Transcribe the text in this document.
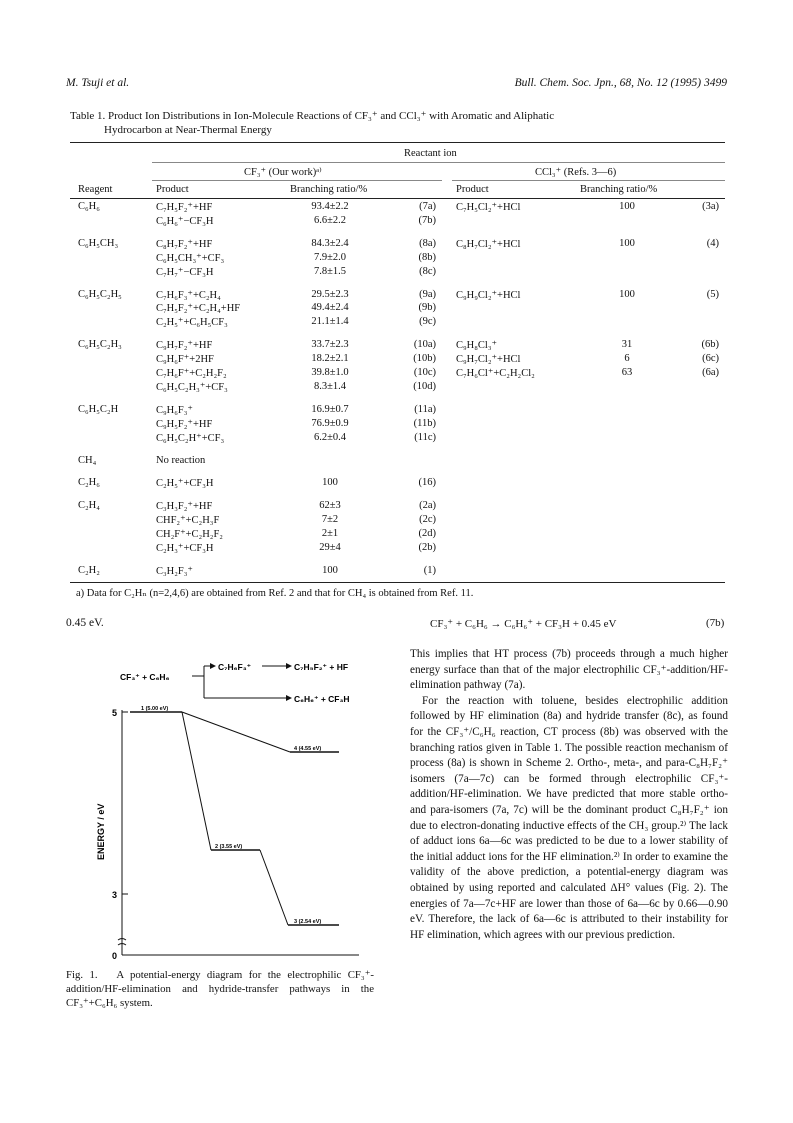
M. Tsuji et al.	Bull. Chem. Soc. Jpn., 68, No. 12 (1995) 3499
Table 1. Product Ion Distributions in Ion-Molecule Reactions of CF₃⁺ and CCl₃⁺ with Aromatic and Aliphatic
Hydrocarbon at Near-Thermal Energy
Reactant ion
CF₃⁺ (Our work)ᵃ⁾	CCl₃⁺ (Refs. 3—6)
Reagent	Product	Branching ratio/%	Product	Branching ratio/%
C₆H₆	C₇H₅F₂⁺+HF	93.4±2.2	(7a) C₇H₅Cl₂⁺+HCl	100	(3a)
C₆H₆⁺−CF₃H	6.6±2.2	(7b)
C₆H₅CH₃	C₈H₇F₂⁺+HF	84.3±2.4	(8a) C₈H₇Cl₂⁺+HCl	100	(4)
C₆H₅CH₃⁺+CF₃	7.9±2.0	(8b)
C₇H₇⁺−CF₃H	7.8±1.5	(8c)
C₆H₅C₂H₅	C₇H₆F₃⁺+C₂H₄	29.5±2.3	(9a) C₉H₉Cl₂⁺+HCl	100	(5)
C₇H₅F₂⁺+C₂H₄+HF	49.4±2.4	(9b)
C₂H₅⁺+C₆H₅CF₃	21.1±1.4	(9c)
C₆H₅C₂H₃	C₉H₇F₂⁺+HF	33.7±2.3	(10a) C₉H₈Cl₃⁺	31	(6b)
C₉H₆F⁺+2HF	18.2±2.1	(10b) C₉H₇Cl₂⁺+HCl	6	(6c)
C₇H₆F⁺+C₂H₂F₂	39.8±1.0	(10c) C₇H₆Cl⁺+C₂H₂Cl₂	63	(6a)
C₆H₅C₂H₃⁺+CF₃	8.3±1.4	(10d)
C₆H₅C₂H	C₉H₆F₃⁺	16.9±0.7	(11a)
C₉H₅F₂⁺+HF	76.9±0.9	(11b)
C₆H₅C₂H⁺+CF₃	6.2±0.4	(11c)
CH₄	No reaction
C₂H₆	C₂H₅⁺+CF₃H	100	(16)
C₂H₄	C₃H₃F₂⁺+HF	62±3	(2a)
CHF₂⁺+C₂H₃F	7±2	(2c)
CH₂F⁺+C₂H₂F₂	2±1	(2d)
C₂H₃⁺+CF₃H	29±4	(2b)
C₂H₂	C₃H₂F₃⁺	100	(1)
a) Data for C₂Hₙ (n=2,4,6) are obtained from Ref. 2 and that for CH₄ is obtained from Ref. 11.
0.45 eV.	CF₃⁺ + C₆H₆ → C₆H₆⁺ + CF₃H + 0.45 eV	(7b)

This implies that HT process (7b) proceeds through a much higher energy surface than that of the major electrophilic CF₃⁺-addition/HF-elimination pathway (7a).

For the reaction with toluene, besides electrophilic addition followed by HF elimination (8a) and hydride transfer (8c), as found for the CF₃⁺/C₆H₆ reaction, CT process (8b) was observed with the branching ratios given in Table 1. The possible reaction mechanism of process (8a) is shown in Scheme 2. Ortho-, meta-, and para-C₈H₇F₂⁺ isomers (7a—7c) can be formed through electrophilic CF₃⁺-addition/HF-elimination. We have predicted that more stable ortho- and para-isomers (7a, 7c) will be the dominant product C₈H₇F₂⁺ ion due to electron-donating inductive effects of the CH₃ group.²⁾ The lack of adduct ions 6a—6c was predicted to be due to a lower stability of the initial adduct ions for the HF elimination.²⁾ In order to examine the validity of the above prediction, a potential-energy diagram was obtained by using reported and calculated ΔH° values (Fig. 2). The energies of 7a—7c+HF are lower than those of 6a—6c by 0.66—0.90 eV. Therefore, the lack of 6a—6c is attributed to their instability for HF elimination, which agrees with our previous prediction.

CF₃⁺ + C₆H₆
C₇H₆F₃⁺	C₇H₅F₂⁺ + HF
C₆H₆⁺ + CF₃H
5
3
0
ENERGY / eV
1 (5.00 eV)
2 (3.55 eV)
3 (2.54 eV)
4 (4.55 eV)
Fig. 1. A potential-energy diagram for the electrophilic CF₃⁺-addition/HF-elimination and hydride-transfer pathways in the CF₃⁺+C₆H₆ system.
